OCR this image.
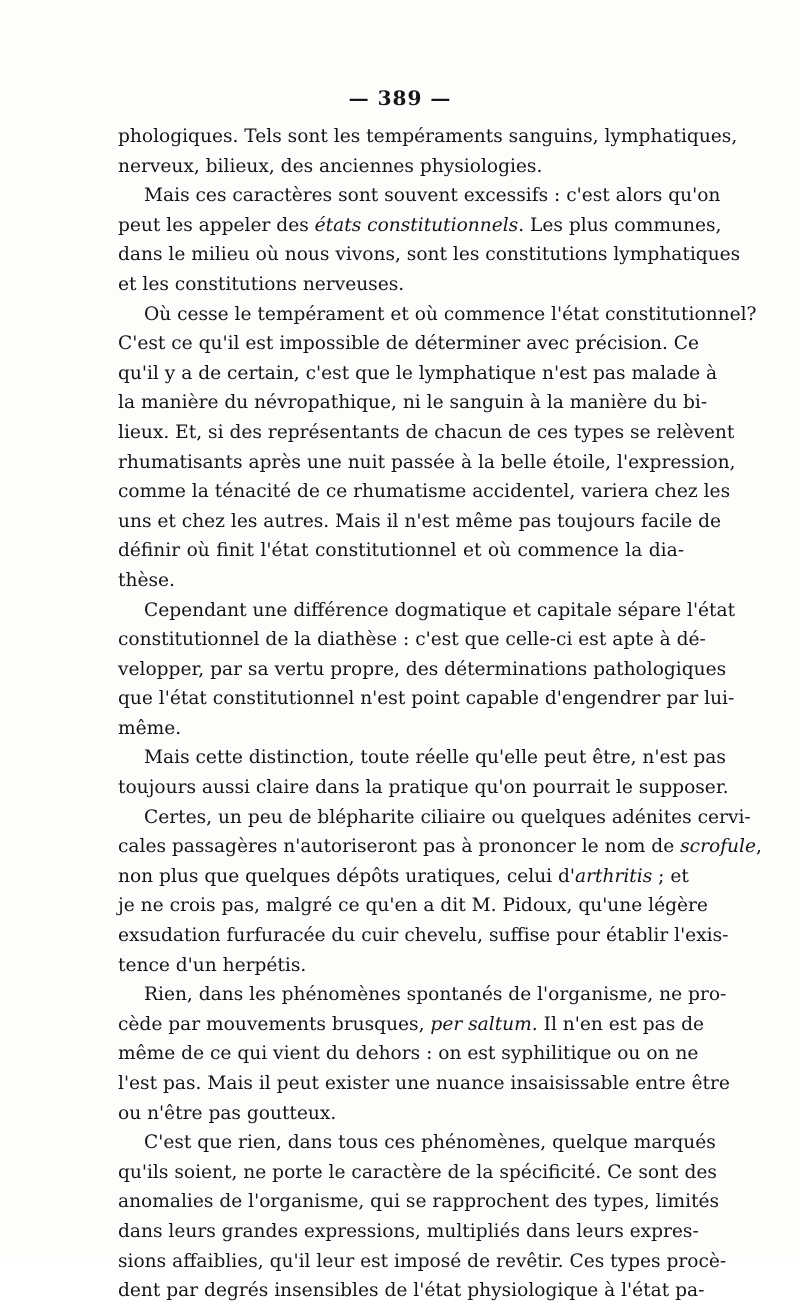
— 389 —
phologiques. Tels sont les tempéraments sanguins, lymphatiques,
nerveux, bilieux, des anciennes physiologies.
Mais ces caractères sont souvent excessifs : c'est alors qu'on
peut les appeler des états constitutionnels. Les plus communes,
dans le milieu où nous vivons, sont les constitutions lymphatiques
et les constitutions nerveuses.
Où cesse le tempérament et où commence l'état constitutionnel?
C'est ce qu'il est impossible de déterminer avec précision. Ce
qu'il y a de certain, c'est que le lymphatique n'est pas malade à
la manière du névropathique, ni le sanguin à la manière du bi-
lieux. Et, si des représentants de chacun de ces types se relèvent
rhumatisants après une nuit passée à la belle étoile, l'expression,
comme la ténacité de ce rhumatisme accidentel, variera chez les
uns et chez les autres. Mais il n'est même pas toujours facile de
définir où finit l'état constitutionnel et où commence la dia-
thèse.
Cependant une différence dogmatique et capitale sépare l'état
constitutionnel de la diathèse : c'est que celle-ci est apte à dé-
velopper, par sa vertu propre, des déterminations pathologiques
que l'état constitutionnel n'est point capable d'engendrer par lui-
même.
Mais cette distinction, toute réelle qu'elle peut être, n'est pas
toujours aussi claire dans la pratique qu'on pourrait le supposer.
Certes, un peu de blépharite ciliaire ou quelques adénites cervi-
cales passagères n'autoriseront pas à prononcer le nom de scrofule,
non plus que quelques dépôts uratiques, celui d'arthritis ; et
je ne crois pas, malgré ce qu'en a dit M. Pidoux, qu'une légère
exsudation furfuracée du cuir chevelu, suffise pour établir l'exis-
tence d'un herpétis.
Rien, dans les phénomènes spontanés de l'organisme, ne pro-
cède par mouvements brusques, per saltum. Il n'en est pas de
même de ce qui vient du dehors : on est syphilitique ou on ne
l'est pas. Mais il peut exister une nuance insaisissable entre être
ou n'être pas goutteux.
C'est que rien, dans tous ces phénomènes, quelque marqués
qu'ils soient, ne porte le caractère de la spécificité. Ce sont des
anomalies de l'organisme, qui se rapprochent des types, limités
dans leurs grandes expressions, multipliés dans leurs expres-
sions affaiblies, qu'il leur est imposé de revêtir. Ces types procè-
dent par degrés insensibles de l'état physiologique à l'état pa-
